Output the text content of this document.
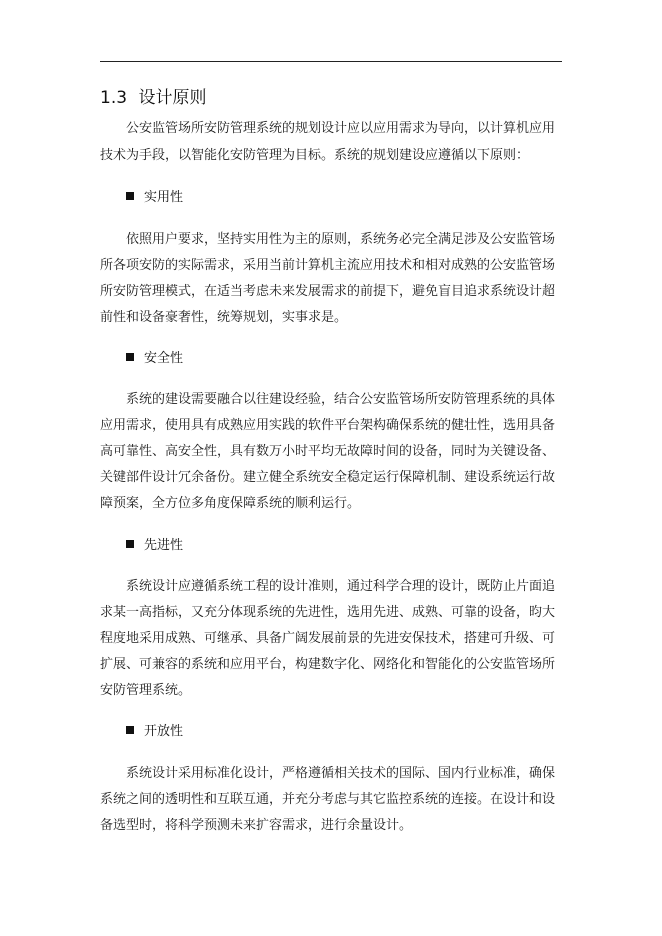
1.3 设计原则
公安监管场所安防管理系统的规划设计应以应用需求为导向，以计算机应用
技术为手段，以智能化安防管理为目标。系统的规划建设应遵循以下原则：
实用性
依照用户要求，坚持实用性为主的原则，系统务必完全满足涉及公安监管场
所各项安防的实际需求，采用当前计算机主流应用技术和相对成熟的公安监管场
所安防管理模式，在适当考虑未来发展需求的前提下，避免盲目追求系统设计超
前性和设备豪奢性，统筹规划，实事求是。
安全性
系统的建设需要融合以往建设经验，结合公安监管场所安防管理系统的具体
应用需求，使用具有成熟应用实践的软件平台架构确保系统的健壮性，选用具备
高可靠性、高安全性，具有数万小时平均无故障时间的设备，同时为关键设备、
关键部件设计冗余备份。建立健全系统安全稳定运行保障机制、建设系统运行故
障预案，全方位多角度保障系统的顺利运行。
先进性
系统设计应遵循系统工程的设计准则，通过科学合理的设计，既防止片面追
求某一高指标，又充分体现系统的先进性，选用先进、成熟、可靠的设备，昀大
程度地采用成熟、可继承、具备广阔发展前景的先进安保技术，搭建可升级、可
扩展、可兼容的系统和应用平台，构建数字化、网络化和智能化的公安监管场所
安防管理系统。
开放性
系统设计采用标准化设计，严格遵循相关技术的国际、国内行业标准，确保
系统之间的透明性和互联互通，并充分考虑与其它监控系统的连接。在设计和设
备选型时，将科学预测未来扩容需求，进行余量设计。
